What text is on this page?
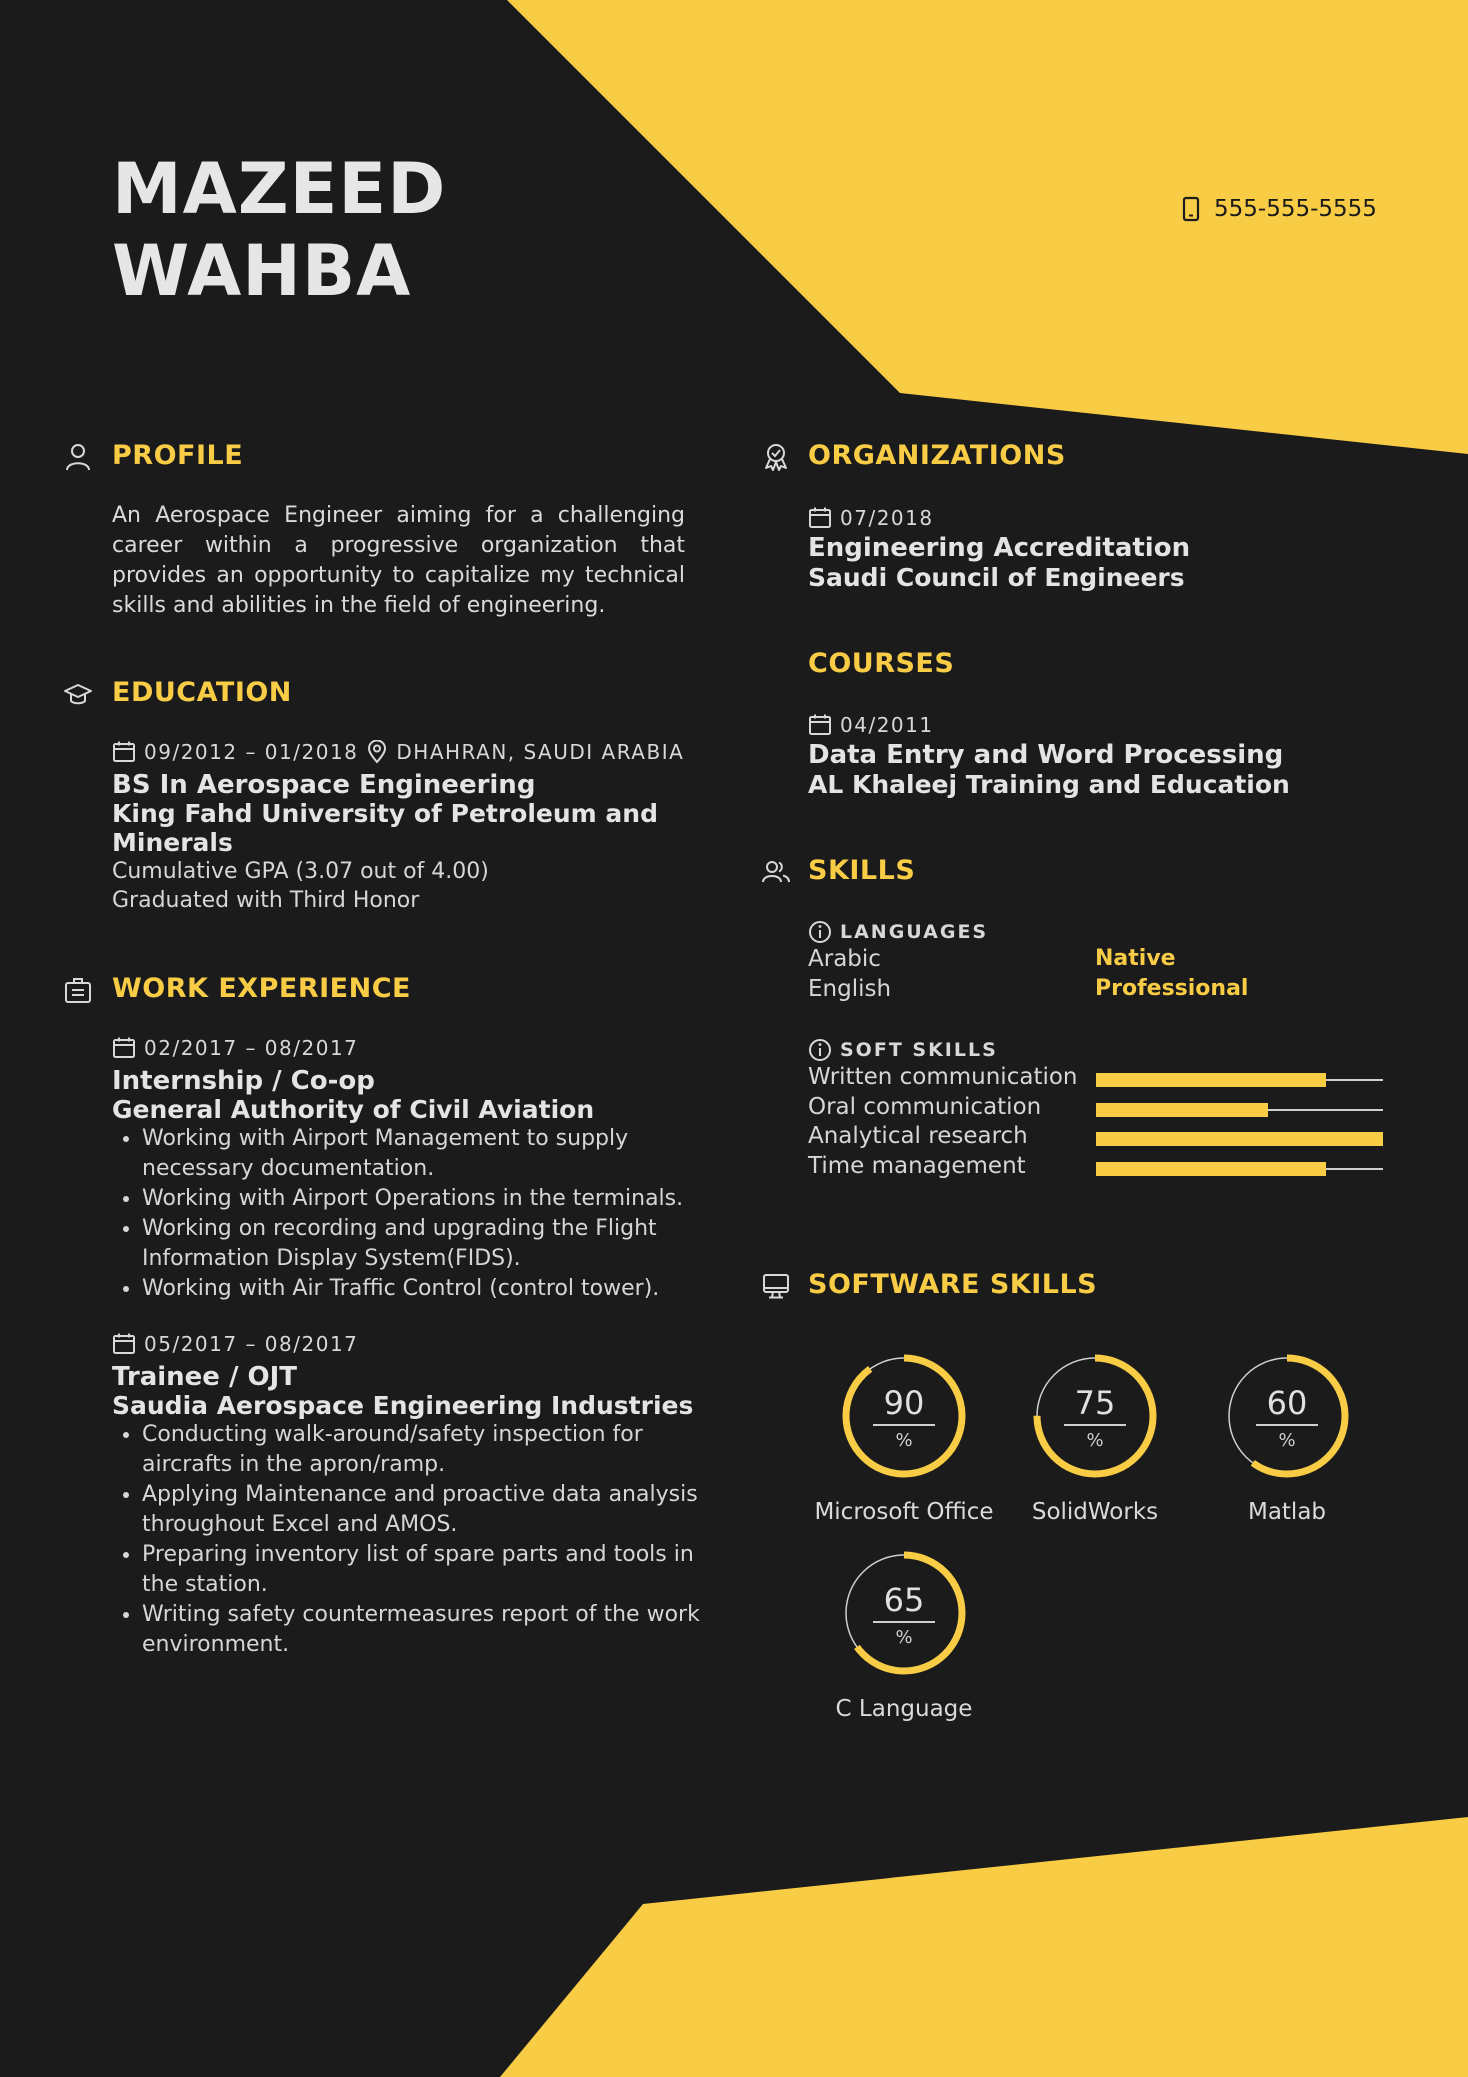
MAZEED
WAHBA
555-555-5555
PROFILE

An Aerospace Engineer aiming for a challenging career within a progressive organization that provides an opportunity to capitalize my technical skills and abilities in the field of engineering.

EDUCATION
09/2012 – 01/2018 DHAHRAN, SAUDI ARABIA

BS In Aerospace Engineering

King Fahd University of Petroleum and

Minerals

Cumulative GPA (3.07 out of 4.00)

Graduated with Third Honor

WORK EXPERIENCE
02/2017 – 08/2017

Internship / Co-op

General Authority of Civil Aviation

• Working with Airport Management to supply necessary documentation.
• Working with Airport Operations in the terminals.
• Working on recording and upgrading the Flight Information Display System(FIDS).
• Working with Air Traffic Control (control tower).
05/2017 – 08/2017

Trainee / OJT

Saudia Aerospace Engineering Industries

• Conducting walk-around/safety inspection for aircrafts in the apron/ramp.
• Applying Maintenance and proactive data analysis throughout Excel and AMOS.
• Preparing inventory list of spare parts and tools in the station.
• Writing safety countermeasures report of the work environment.
ORGANIZATIONS
07/2018

Engineering Accreditation

Saudi Council of Engineers

COURSES
04/2011

Data Entry and Word Processing

AL Khaleej Training and Education

SKILLS
LANGUAGES

Arabic	Native

English	Professional

SOFT SKILLS

Written communication

Oral communication

Analytical research

Time management

SOFTWARE SKILLS

90

%

Microsoft Office

75

%

SolidWorks

60

%

Matlab

65

%

C Language
